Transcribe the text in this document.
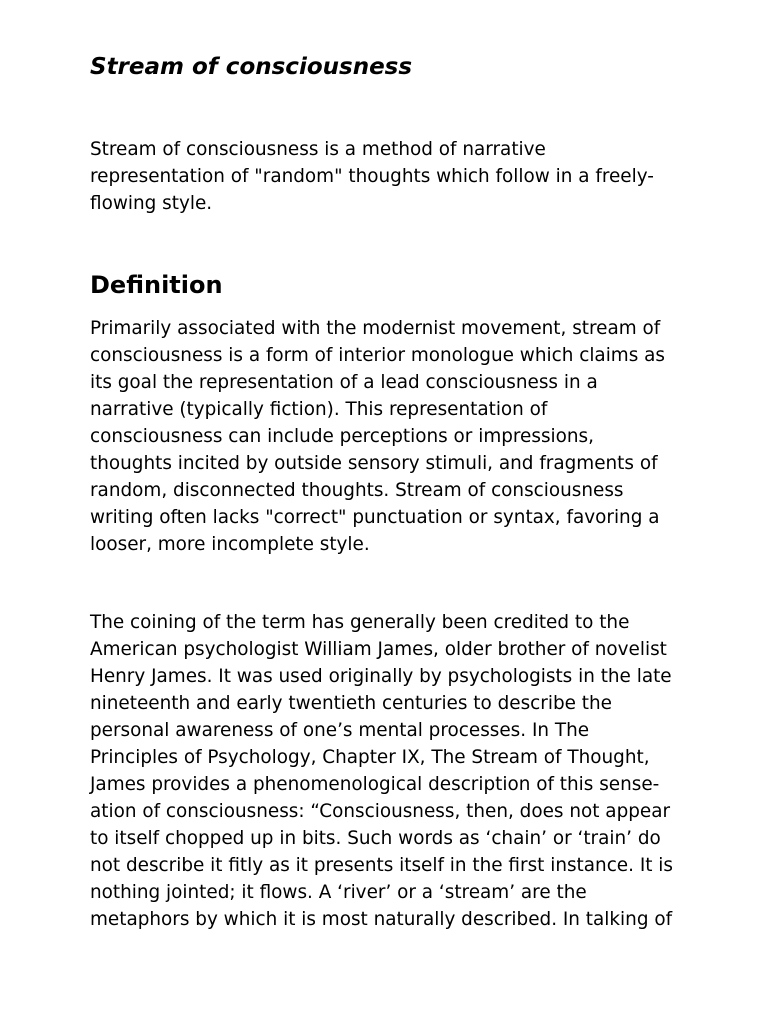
Stream of consciousness

Stream of consciousness is a method of narrative
representation of "random" thoughts which follow in a freely-
flowing style.

Definition

Primarily associated with the modernist movement, stream of
consciousness is a form of interior monologue which claims as
its goal the representation of a lead consciousness in a
narrative (typically fiction). This representation of
consciousness can include perceptions or impressions,
thoughts incited by outside sensory stimuli, and fragments of
random, disconnected thoughts. Stream of consciousness
writing often lacks "correct" punctuation or syntax, favoring a
looser, more incomplete style.

The coining of the term has generally been credited to the
American psychologist William James, older brother of novelist
Henry James. It was used originally by psychologists in the late
nineteenth and early twentieth centuries to describe the
personal awareness of one’s mental processes. In The
Principles of Psychology, Chapter IX, The Stream of Thought,
James provides a phenomenological description of this sense-
ation of consciousness: “Consciousness, then, does not appear
to itself chopped up in bits. Such words as ‘chain’ or ‘train’ do
not describe it fitly as it presents itself in the first instance. It is
nothing jointed; it flows. A ‘river’ or a ‘stream’ are the
metaphors by which it is most naturally described. In talking of
